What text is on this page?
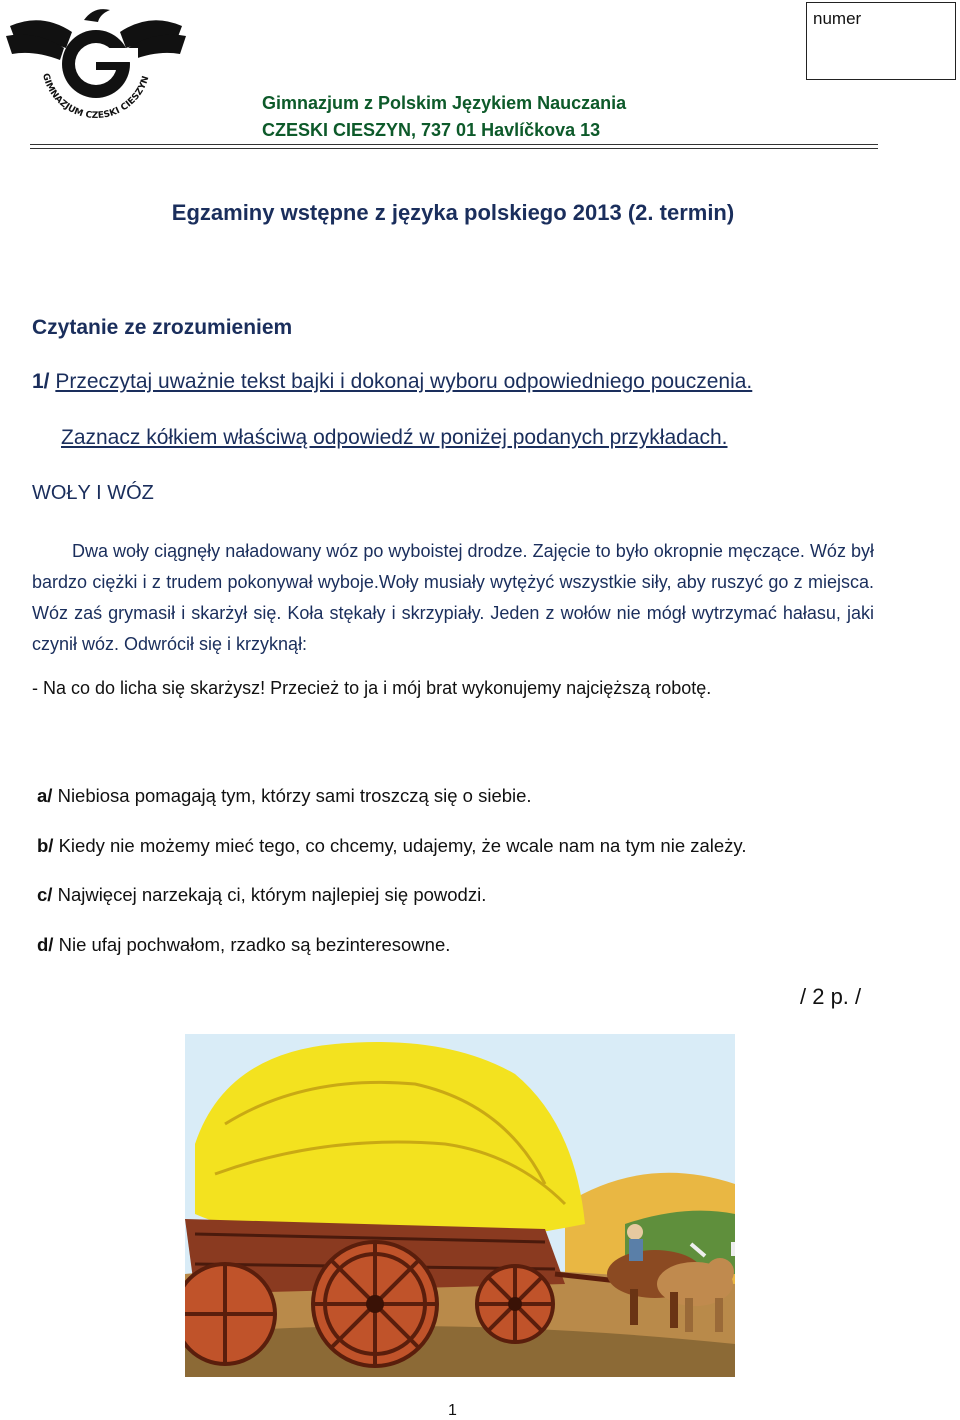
GIMNAZJUM CZESKI CIESZYN
numer
Gimnazjum z Polskim Językiem Nauczania
CZESKI CIESZYN, 737 01 Havlíčkova 13
Egzaminy wstępne z języka polskiego 2013 (2. termin)
Czytanie ze zrozumieniem
1/ Przeczytaj uważnie tekst bajki i dokonaj wyboru odpowiedniego pouczenia.
Zaznacz kółkiem właściwą odpowiedź w poniżej podanych przykładach.
WOŁY I WÓZ
Dwa woły ciągnęły naładowany wóz po wyboistej drodze. Zajęcie to było okropnie męczące. Wóz był bardzo ciężki i z trudem pokonywał wyboje.Woły musiały wytężyć wszystkie siły, aby ruszyć go z miejsca. Wóz zaś grymasił i skarżył się. Koła stękały i skrzypiały. Jeden z wołów nie mógł wytrzymać hałasu, jaki czynił wóz. Odwrócił się i krzyknął:
- Na co do licha się skarżysz! Przecież to ja i mój brat wykonujemy najcięższą robotę.
a/ Niebiosa pomagają tym, którzy sami troszczą się o siebie.
b/ Kiedy nie możemy mieć tego, co chcemy, udajemy, że wcale nam na tym nie zależy.
c/ Najwięcej narzekają ci, którym najlepiej się powodzi.
d/ Nie ufaj pochwałom, rzadko są bezinteresowne.
/ 2 p. /
1
